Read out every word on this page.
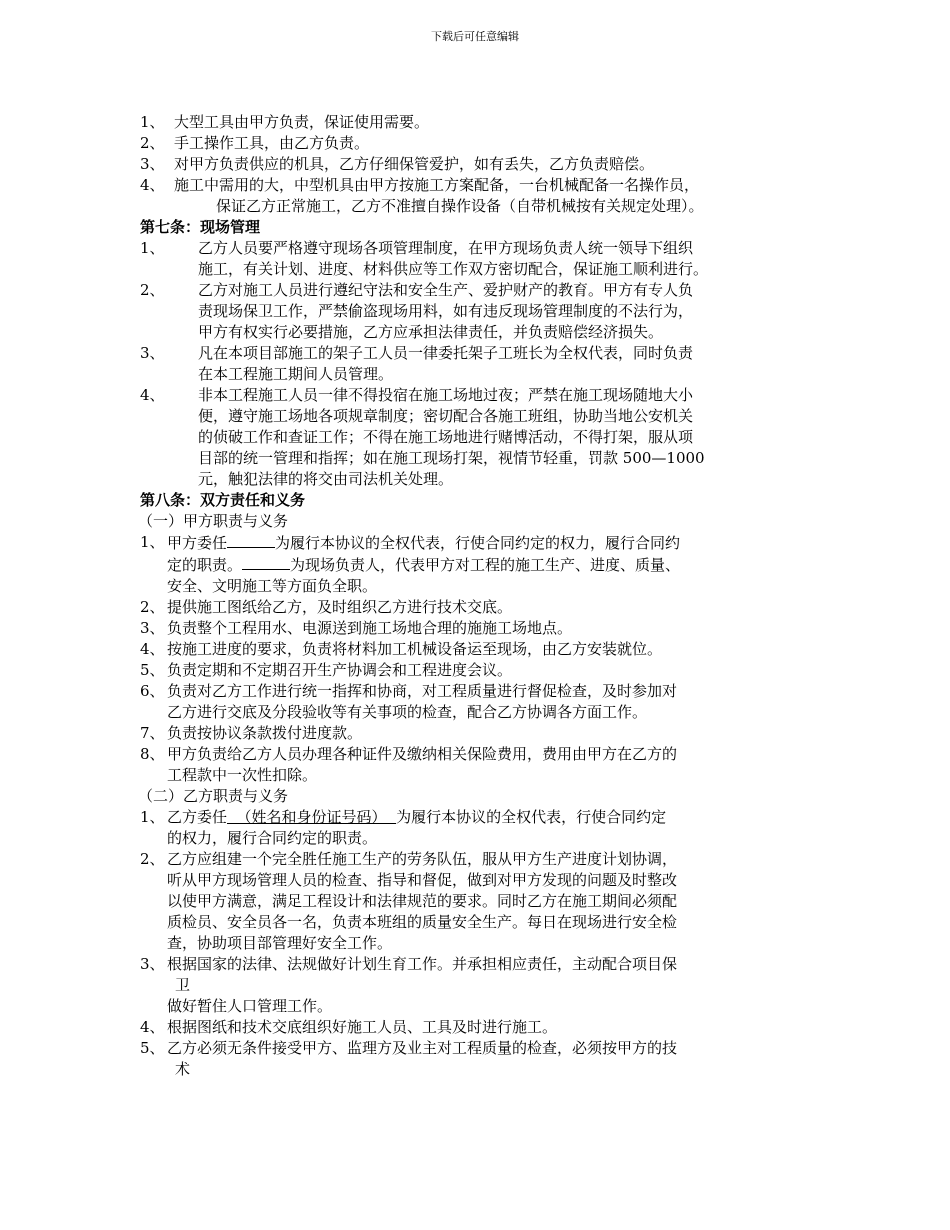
下载后可任意编辑
1、 大型工具由甲方负责，保证使用需要。
2、 手工操作工具，由乙方负责。
3、 对甲方负责供应的机具，乙方仔细保管爱护，如有丢失，乙方负责赔偿。
4、 施工中需用的大，中型机具由甲方按施工方案配备，一台机械配备一名操作员，
保证乙方正常施工，乙方不准擅自操作设备（自带机械按有关规定处理）。
第七条：现场管理
1、	乙方人员要严格遵守现场各项管理制度，在甲方现场负责人统一领导下组织
施工，有关计划、进度、材料供应等工作双方密切配合，保证施工顺利进行。
2、	乙方对施工人员进行遵纪守法和安全生产、爱护财产的教育。甲方有专人负
责现场保卫工作，严禁偷盗现场用料，如有违反现场管理制度的不法行为，
甲方有权实行必要措施，乙方应承担法律责任，并负责赔偿经济损失。
3、	凡在本项目部施工的架子工人员一律委托架子工班长为全权代表，同时负责
在本工程施工期间人员管理。
4、	非本工程施工人员一律不得投宿在施工场地过夜；严禁在施工现场随地大小
便，遵守施工场地各项规章制度；密切配合各施工班组，协助当地公安机关
的侦破工作和查证工作；不得在施工场地进行赌博活动，不得打架，服从项
目部的统一管理和指挥；如在施工现场打架，视情节轻重，罚款 500—1000
元，触犯法律的将交由司法机关处理。
第八条：双方责任和义务
（一）甲方职责与义务
1、 甲方委任	为履行本协议的全权代表，行使合同约定的权力，履行合同约
定的职责。	为现场负责人，代表甲方对工程的施工生产、进度、质量、
安全、文明施工等方面负全职。
2、 提供施工图纸给乙方，及时组织乙方进行技术交底。
3、 负责整个工程用水、电源送到施工场地合理的施施工场地点。
4、 按施工进度的要求，负责将材料加工机械设备运至现场，由乙方安装就位。
5、 负责定期和不定期召开生产协调会和工程进度会议。
6、 负责对乙方工作进行统一指挥和协商，对工程质量进行督促检查，及时参加对
乙方进行交底及分段验收等有关事项的检查，配合乙方协调各方面工作。
7、 负责按协议条款拨付进度款。
8、 甲方负责给乙方人员办理各种证件及缴纳相关保险费用，费用由甲方在乙方的
工程款中一次性扣除。
（二）乙方职责与义务
1、 乙方委任  （姓名和身份证号码）  为履行本协议的全权代表，行使合同约定
的权力，履行合同约定的职责。
2、 乙方应组建一个完全胜任施工生产的劳务队伍，服从甲方生产进度计划协调，
听从甲方现场管理人员的检查、指导和督促，做到对甲方发现的问题及时整改
以使甲方满意，满足工程设计和法律规范的要求。同时乙方在施工期间必须配
质检员、安全员各一名，负责本班组的质量安全生产。每日在现场进行安全检
查，协助项目部管理好安全工作。
3、 根据国家的法律、法规做好计划生育工作。并承担相应责任，主动配合项目保
卫
做好暂住人口管理工作。
4、 根据图纸和技术交底组织好施工人员、工具及时进行施工。
5、 乙方必须无条件接受甲方、监理方及业主对工程质量的检查，必须按甲方的技
术
